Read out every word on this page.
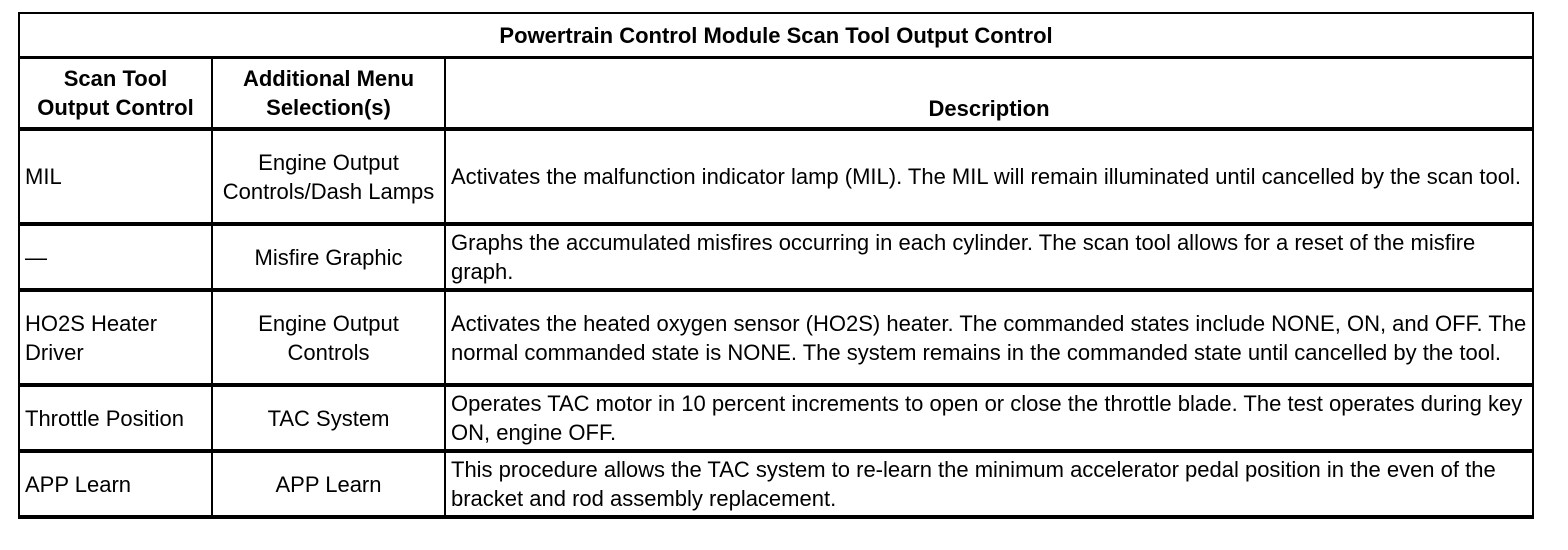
Powertrain Control Module Scan Tool Output Control		
Scan Tool Output Control	Additional Menu Selection(s)	Description
MIL	Engine Output Controls/Dash Lamps	Activates the malfunction indicator lamp (MIL). The MIL will remain illuminated until cancelled by the scan tool.
—	Misfire Graphic	Graphs the accumulated misfires occurring in each cylinder. The scan tool allows for a reset of the misfire graph.
HO2S Heater Driver	Engine Output Controls	Activates the heated oxygen sensor (HO2S) heater. The commanded states include NONE, ON, and OFF. The normal commanded state is NONE. The system remains in the commanded state until cancelled by the tool.
Throttle Position	TAC System	Operates TAC motor in 10 percent increments to open or close the throttle blade. The test operates during key ON, engine OFF.
APP Learn	APP Learn	This procedure allows the TAC system to re-learn the minimum accelerator pedal position in the even of the bracket and rod assembly replacement.
